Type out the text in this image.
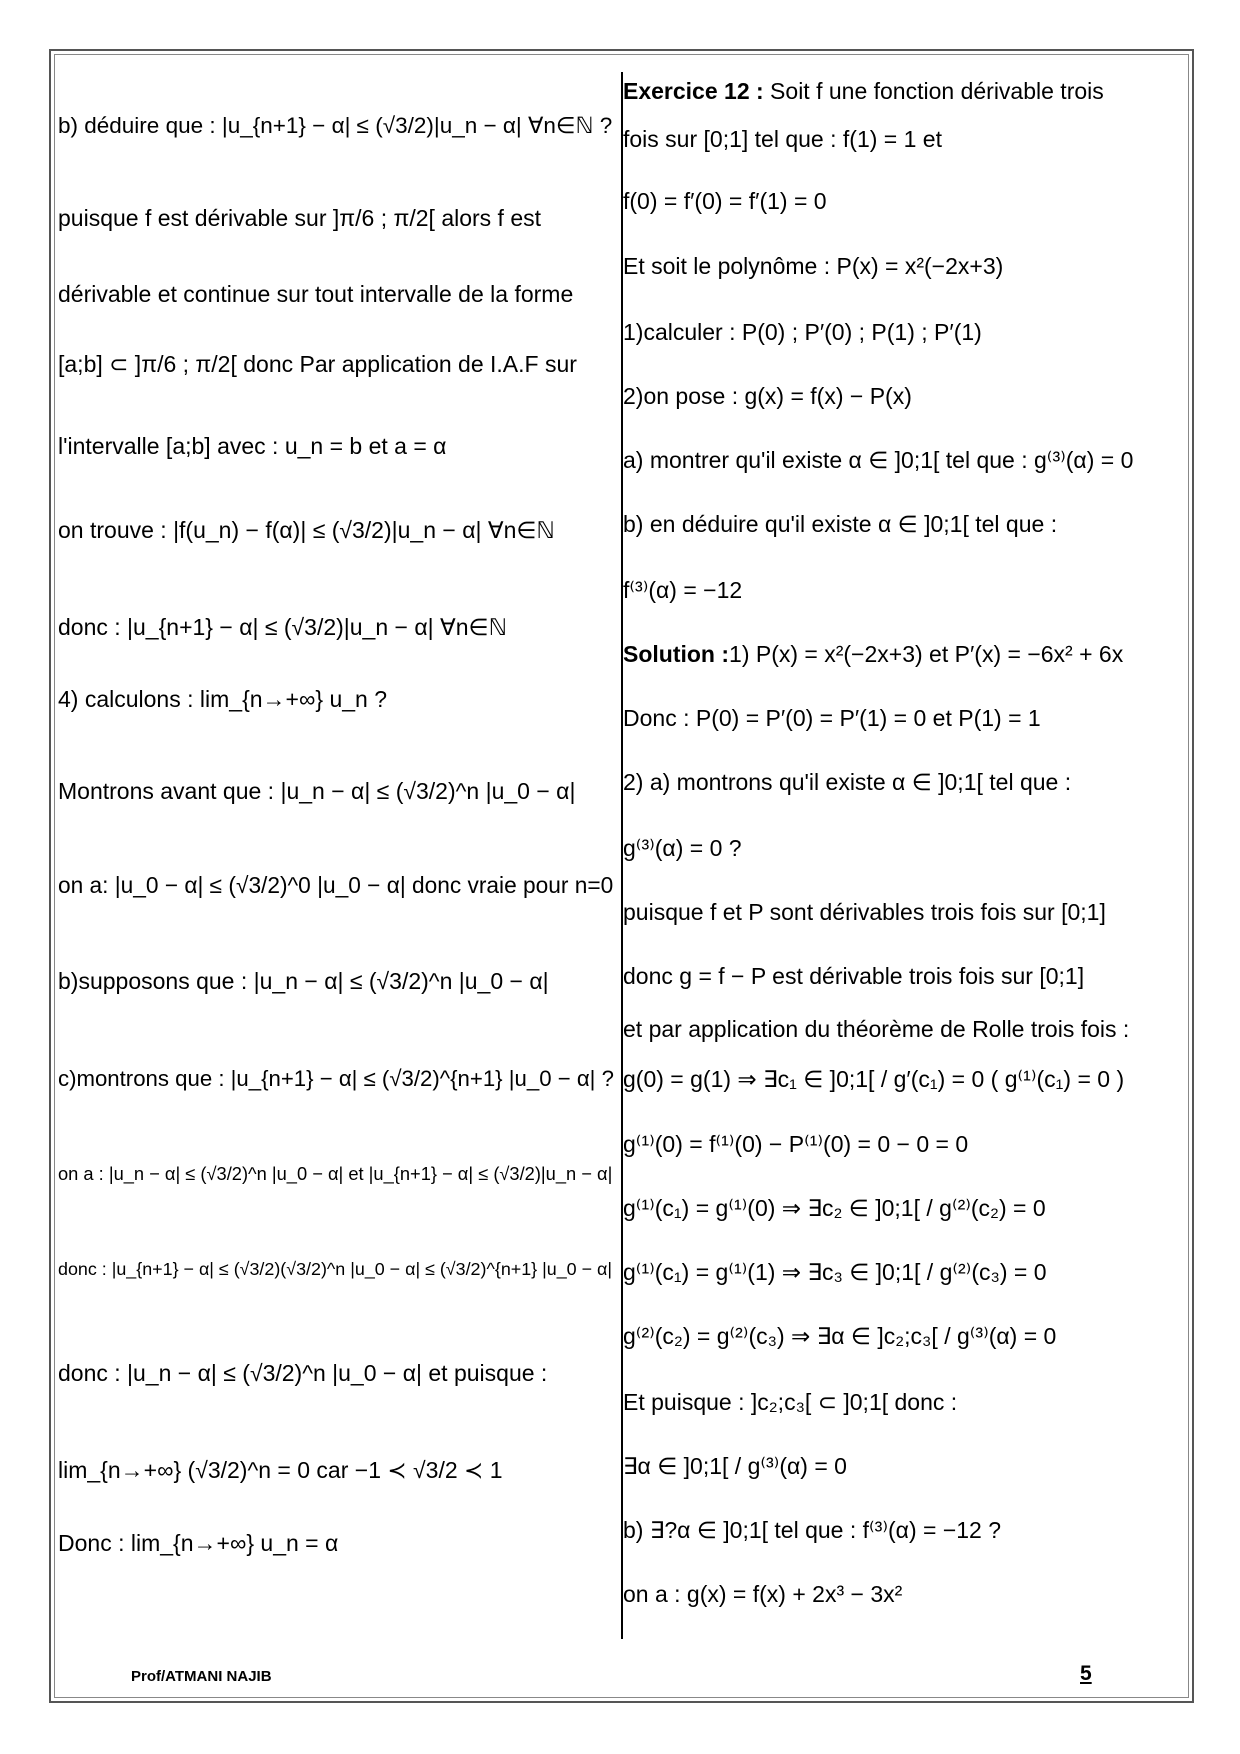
b) déduire que : |u_{n+1} − α| ≤ (√3/2)|u_n − α| ∀n∈ℕ ?
puisque f est dérivable sur ]π/6 ; π/2[ alors f est
dérivable et continue sur tout intervalle de la forme
[a;b] ⊂ ]π/6 ; π/2[ donc Par application de I.A.F sur
l'intervalle [a;b] avec : u_n = b et a = α
on trouve : |f(u_n) − f(α)| ≤ (√3/2)|u_n − α| ∀n∈ℕ
donc : |u_{n+1} − α| ≤ (√3/2)|u_n − α| ∀n∈ℕ
4) calculons : lim_{n→+∞} u_n ?
Montrons avant que : |u_n − α| ≤ (√3/2)^n |u_0 − α|
on a: |u_0 − α| ≤ (√3/2)^0 |u_0 − α| donc vraie pour n=0
b)supposons que : |u_n − α| ≤ (√3/2)^n |u_0 − α|
c)montrons que : |u_{n+1} − α| ≤ (√3/2)^{n+1} |u_0 − α| ?
on a : |u_n − α| ≤ (√3/2)^n |u_0 − α| et |u_{n+1} − α| ≤ (√3/2)|u_n − α|
donc : |u_{n+1} − α| ≤ (√3/2)(√3/2)^n |u_0 − α| ≤ (√3/2)^{n+1} |u_0 − α|
donc : |u_n − α| ≤ (√3/2)^n |u_0 − α| et puisque :
lim_{n→+∞} (√3/2)^n = 0 car −1 ≺ √3/2 ≺ 1
Donc : lim_{n→+∞} u_n = α
Exercice 12 : Soit f une fonction dérivable trois
fois sur [0;1] tel que : f(1) = 1 et
f(0) = f′(0) = f′(1) = 0
Et soit le polynôme : P(x) = x²(−2x+3)
1)calculer : P(0) ; P′(0) ; P(1) ; P′(1)
2)on pose : g(x) = f(x) − P(x)
a) montrer qu'il existe α ∈ ]0;1[ tel que : g⁽³⁾(α) = 0
b) en déduire qu'il existe α ∈ ]0;1[ tel que :
f⁽³⁾(α) = −12
Solution :1) P(x) = x²(−2x+3) et P′(x) = −6x² + 6x
Donc : P(0) = P′(0) = P′(1) = 0 et P(1) = 1
2) a) montrons qu'il existe α ∈ ]0;1[ tel que :
g⁽³⁾(α) = 0 ?
puisque f et P sont dérivables trois fois sur [0;1]
donc g = f − P est dérivable trois fois sur [0;1]
et par application du théorème de Rolle trois fois :
g(0) = g(1) ⇒ ∃c₁ ∈ ]0;1[ / g′(c₁) = 0 ( g⁽¹⁾(c₁) = 0 )
g⁽¹⁾(0) = f⁽¹⁾(0) − P⁽¹⁾(0) = 0 − 0 = 0
g⁽¹⁾(c₁) = g⁽¹⁾(0) ⇒ ∃c₂ ∈ ]0;1[ / g⁽²⁾(c₂) = 0
g⁽¹⁾(c₁) = g⁽¹⁾(1) ⇒ ∃c₃ ∈ ]0;1[ / g⁽²⁾(c₃) = 0
g⁽²⁾(c₂) = g⁽²⁾(c₃) ⇒ ∃α ∈ ]c₂;c₃[ / g⁽³⁾(α) = 0
Et puisque : ]c₂;c₃[ ⊂ ]0;1[ donc :
∃α ∈ ]0;1[ / g⁽³⁾(α) = 0
b) ∃?α ∈ ]0;1[ tel que : f⁽³⁾(α) = −12 ?
on a : g(x) = f(x) + 2x³ − 3x²
Prof/ATMANI NAJIB	5
